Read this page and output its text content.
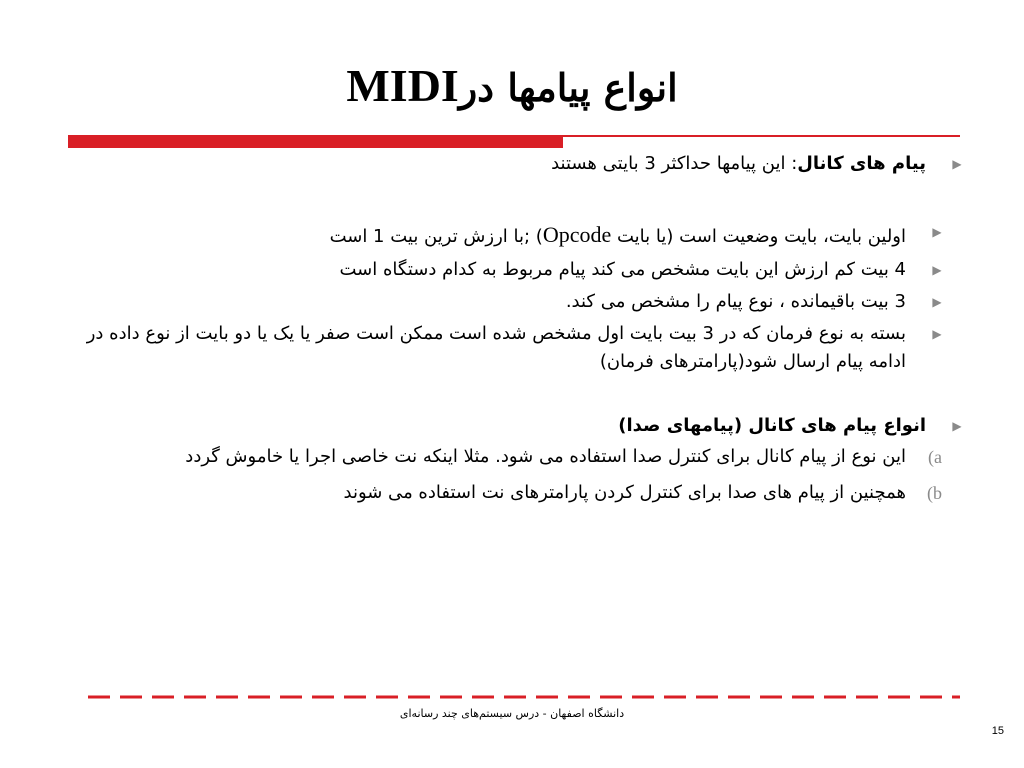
انواع پیامها درMIDI
▶
پیام های کانال: این پیامها حداکثر 3 بایتی هستند
▶
اولین بایت، بایت وضعیت است (یا بایت Opcode) ;با ارزش ترین بیت 1 است
▶
4 بیت کم ارزش این بایت مشخص می کند پیام مربوط به کدام دستگاه است
▶
3 بیت باقیمانده ، نوع پیام را مشخص می کند.
▶
بسته به نوع فرمان که در 3 بیت بایت اول مشخص شده است ممکن است صفر یا یک یا دو بایت از نوع داده در ادامه پیام ارسال شود(پارامترهای فرمان)
▶
انواع پیام های کانال (پیامهای صدا)
a)
این نوع از پیام کانال برای کنترل صدا استفاده می شود. مثلا اینکه نت خاصی اجرا یا خاموش گردد
b)
همچنین از پیام های صدا برای کنترل کردن پارامترهای نت استفاده می شوند
دانشگاه اصفهان - درس سیستم‌های چند رسانه‌ای
15
